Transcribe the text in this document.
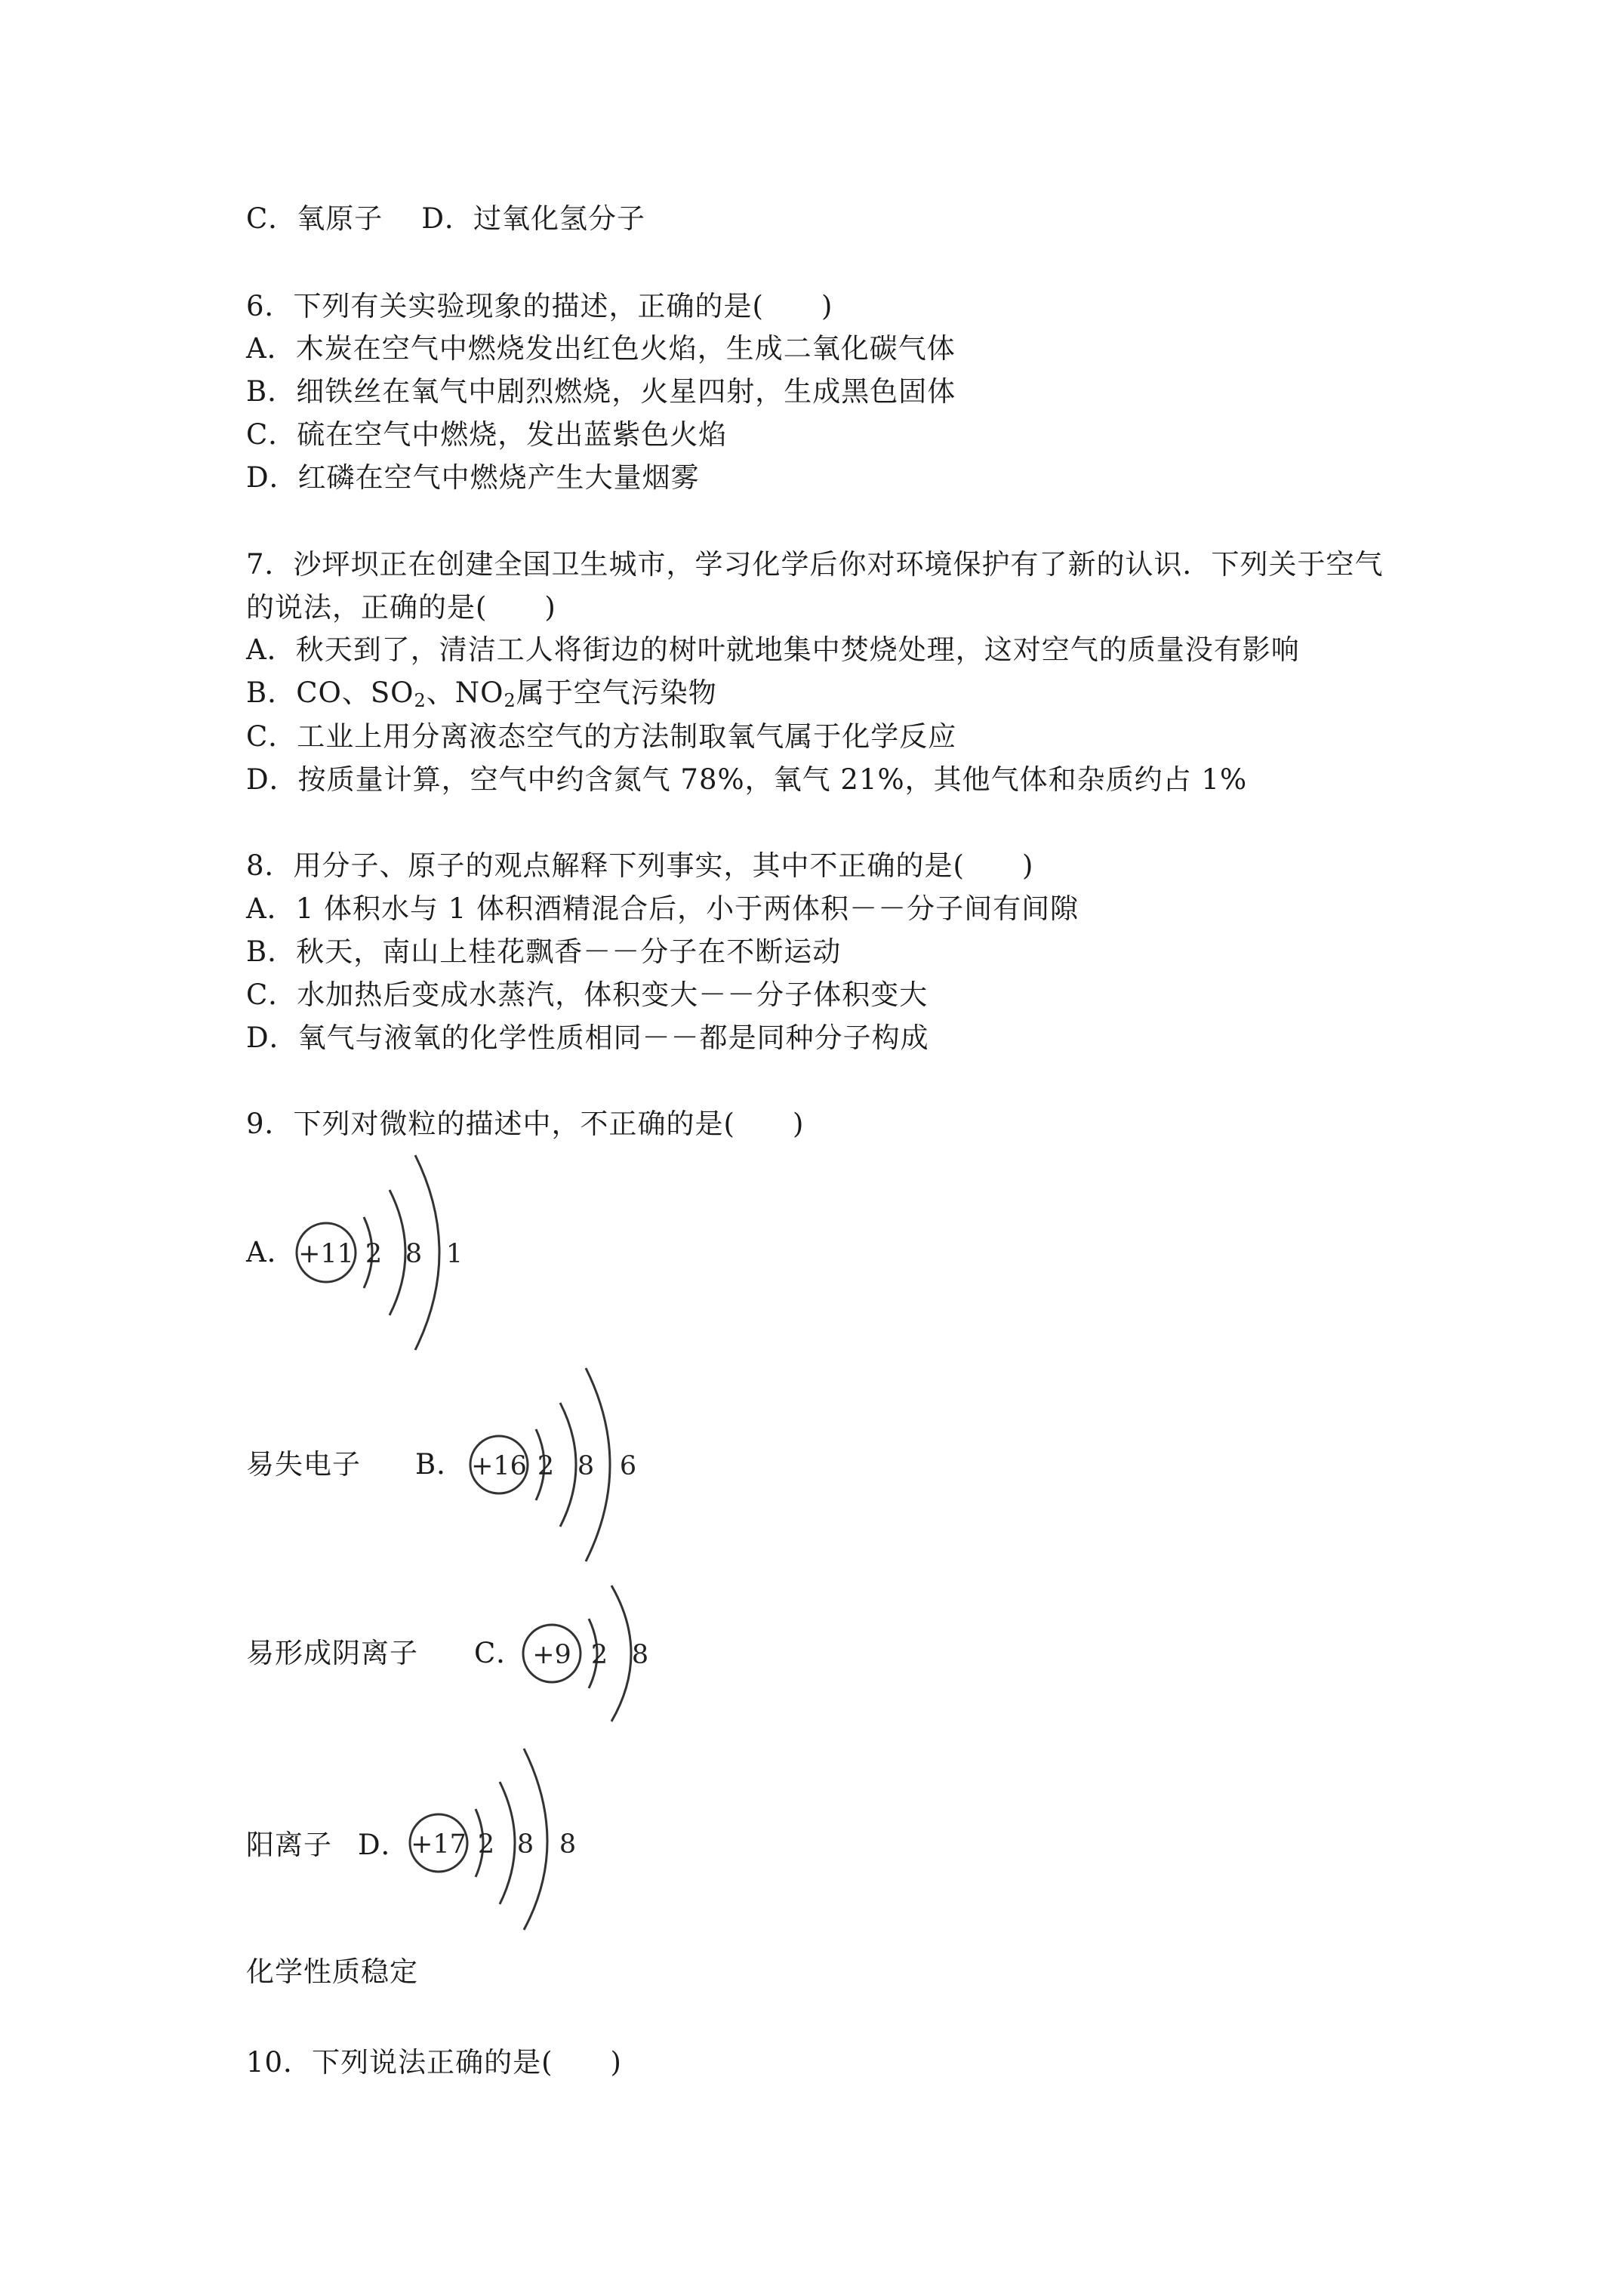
C．氧原子    D．过氧化氢分子
6．下列有关实验现象的描述，正确的是(　　)
A．木炭在空气中燃烧发出红色火焰，生成二氧化碳气体
B．细铁丝在氧气中剧烈燃烧，火星四射，生成黑色固体
C．硫在空气中燃烧，发出蓝紫色火焰
D．红磷在空气中燃烧产生大量烟雾
7．沙坪坝正在创建全国卫生城市，学习化学后你对环境保护有了新的认识．下列关于空气
的说法，正确的是(　　)
A．秋天到了，清洁工人将街边的树叶就地集中焚烧处理，这对空气的质量没有影响
B．CO、$SO_2$、$NO_2$属于空气污染物
C．工业上用分离液态空气的方法制取氧气属于化学反应
D．按质量计算，空气中约含氮气 78%，氧气 21%，其他气体和杂质约占 1%
8．用分子、原子的观点解释下列事实，其中不正确的是(　　)
A．1 体积水与 1 体积酒精混合后，小于两体积－－分子间有间隙
B．秋天，南山上桂花飘香－－分子在不断运动
C．水加热后变成水蒸汽，体积变大－－分子体积变大
D．氧气与液氧的化学性质相同－－都是同种分子构成
9．下列对微粒的描述中，不正确的是(　　)
A． +11 2 8 1
易失电子 B． +16 2 8 6
易形成阴离子 C． +9 2 8
阳离子 D． +17 2 8 8
化学性质稳定
10．下列说法正确的是(　　)
